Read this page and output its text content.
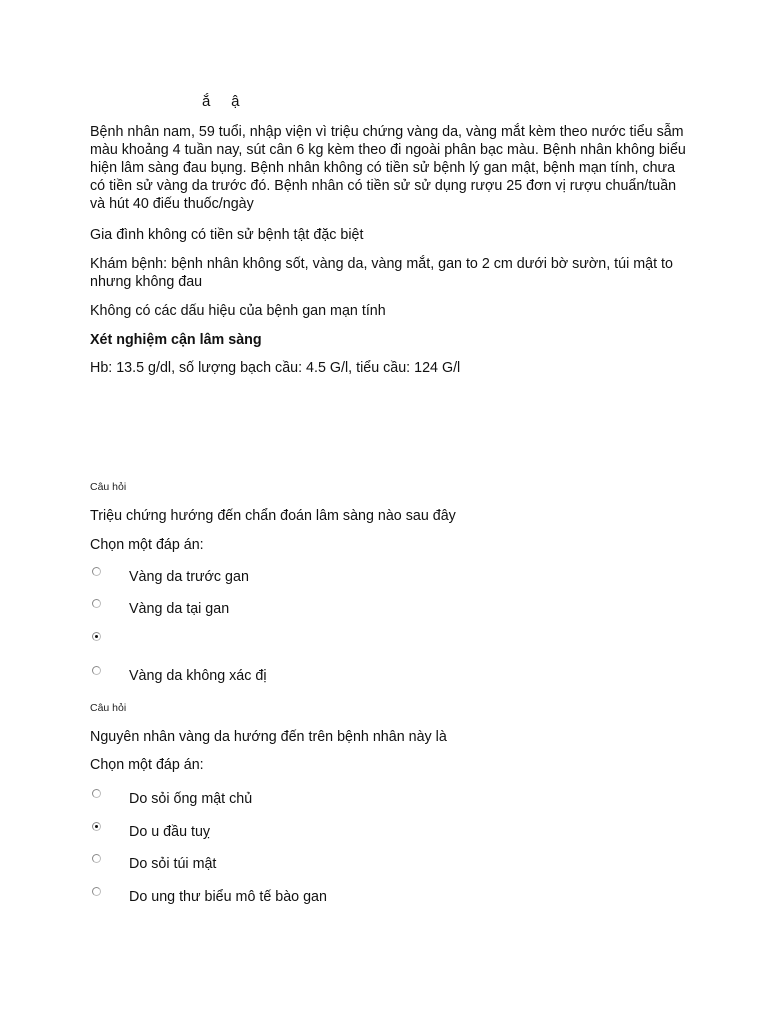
ắ     ậ
Bệnh nhân nam, 59 tuổi, nhập viện vì triệu chứng vàng da, vàng mắt kèm theo nước tiểu sẫm màu khoảng 4 tuần nay, sút cân 6 kg kèm theo đi ngoài phân bạc màu. Bệnh nhân không biểu hiện lâm sàng đau bụng. Bệnh nhân không có tiền sử bệnh lý gan mật, bệnh mạn tính, chưa có tiền sử vàng da trước đó. Bệnh nhân có tiền sử sử dụng rượu 25 đơn vị rượu chuẩn/tuần và hút 40 điếu thuốc/ngày
Gia đình không có tiền sử bệnh tật đặc biệt
Khám bệnh: bệnh nhân không sốt, vàng da, vàng mắt, gan to 2 cm dưới bờ sườn, túi mật to nhưng không đau
Không có các dấu hiệu của bệnh gan mạn tính
Xét nghiệm cận lâm sàng
Hb: 13.5 g/dl, số lượng bạch cầu: 4.5 G/l, tiểu cầu: 124 G/l
Câu hỏi
Triệu chứng hướng đến chẩn đoán lâm sàng nào sau đây
Chọn một đáp án:
Vàng da trước gan
Vàng da tại gan
Vàng da không xác đị
Câu hỏi
Nguyên nhân vàng da hướng đến trên bệnh nhân này là
Chọn một đáp án:
Do sỏi ống mật chủ
Do u đầu tuỵ
Do sỏi túi mật
Do ung thư biểu mô tế bào gan
